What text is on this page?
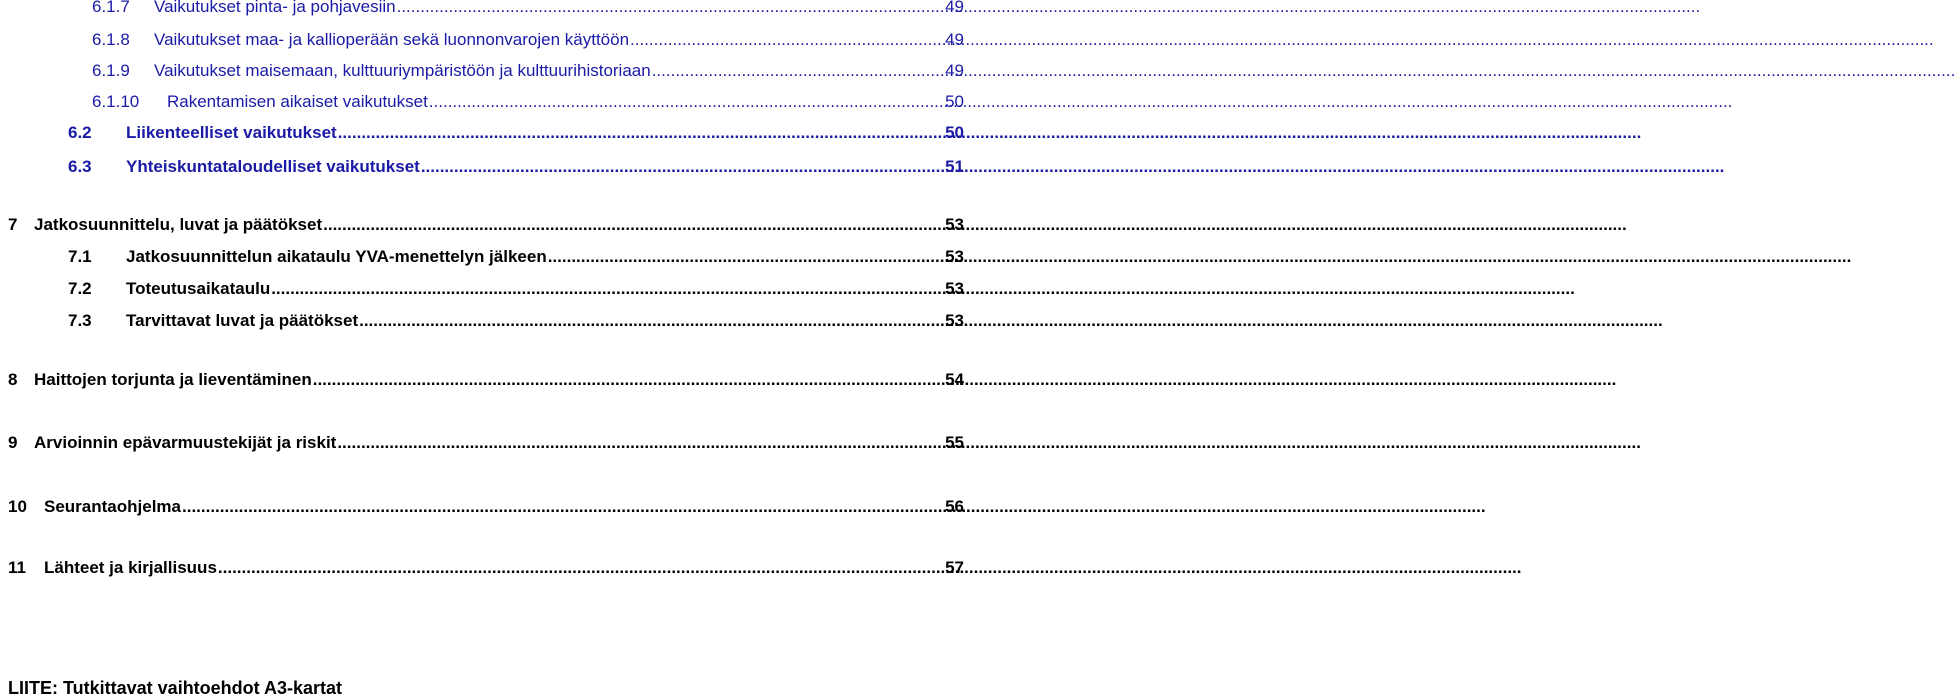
6.1.7 Vaikutukset pinta- ja pohjavesiin .....	49
6.1.8 Vaikutukset maa- ja kallioperään sekä luonnonvarojen käyttöön .....	49
6.1.9 Vaikutukset maisemaan, kulttuuriympäristöön ja kulttuurihistoriaan .....	49
6.1.10 Rakentamisen aikaiset vaikutukset .....	50
6.2 Liikenteelliset vaikutukset .....	50
6.3 Yhteiskuntataloudelliset vaikutukset .....	51
7 Jatkosuunnittelu, luvat ja päätökset .....	53
7.1 Jatkosuunnittelun aikataulu YVA-menettelyn jälkeen .....	53
7.2 Toteutusaikataulu .....	53
7.3 Tarvittavat luvat ja päätökset .....	53
8 Haittojen torjunta ja lieventäminen .....	54
9 Arvioinnin epävarmuustekijät ja riskit .....	55
10 Seurantaohjelma .....	56
11 Lähteet ja kirjallisuus .....	57
LIITE: Tutkittavat vaihtoehdot A3-kartat
